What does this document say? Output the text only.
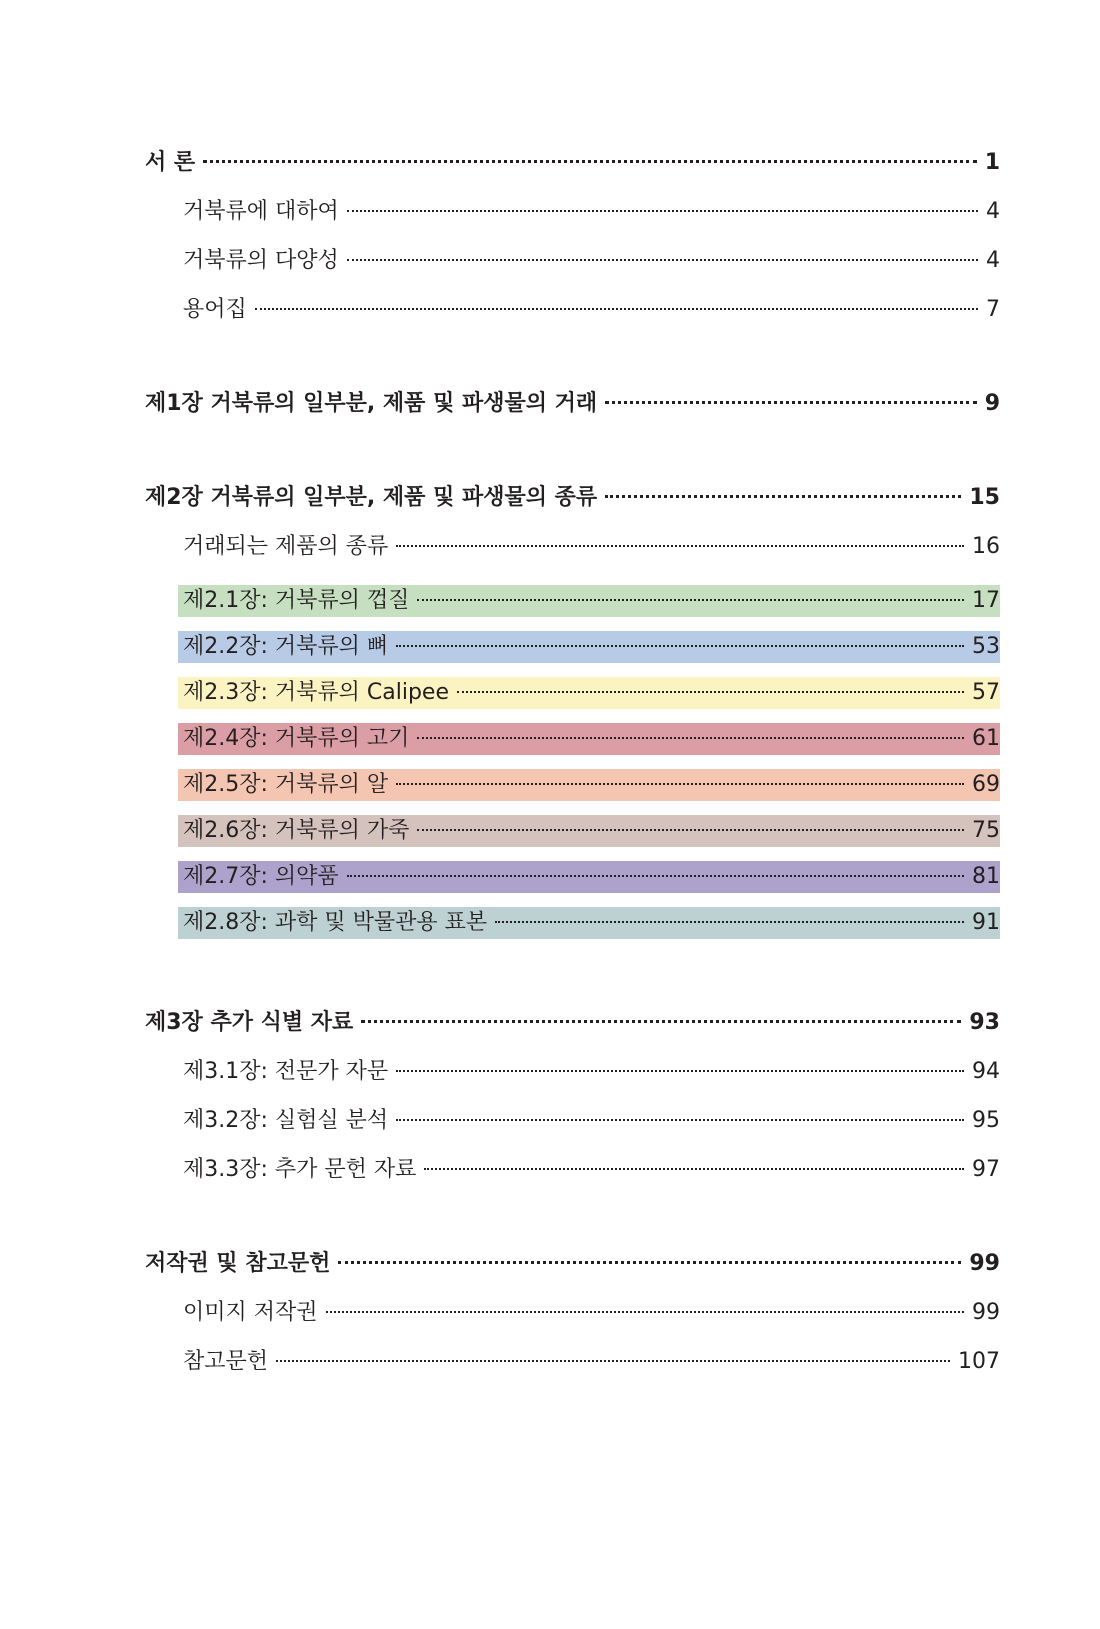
서 론	1
거북류에 대하여	4
거북류의 다양성	4
용어집	7
제1장 거북류의 일부분, 제품 및 파생물의 거래	9
제2장 거북류의 일부분, 제품 및 파생물의 종류	15
거래되는 제품의 종류	16
제2.1장: 거북류의 껍질	17
제2.2장: 거북류의 뼈	53
제2.3장: 거북류의 Calipee	57
제2.4장: 거북류의 고기	61
제2.5장: 거북류의 알	69
제2.6장: 거북류의 가죽	75
제2.7장: 의약품	81
제2.8장: 과학 및 박물관용 표본	91
제3장 추가 식별 자료	93
제3.1장: 전문가 자문	94
제3.2장: 실험실 분석	95
제3.3장: 추가 문헌 자료	97
저작권 및 참고문헌	99
이미지 저작권	99
참고문헌	107
